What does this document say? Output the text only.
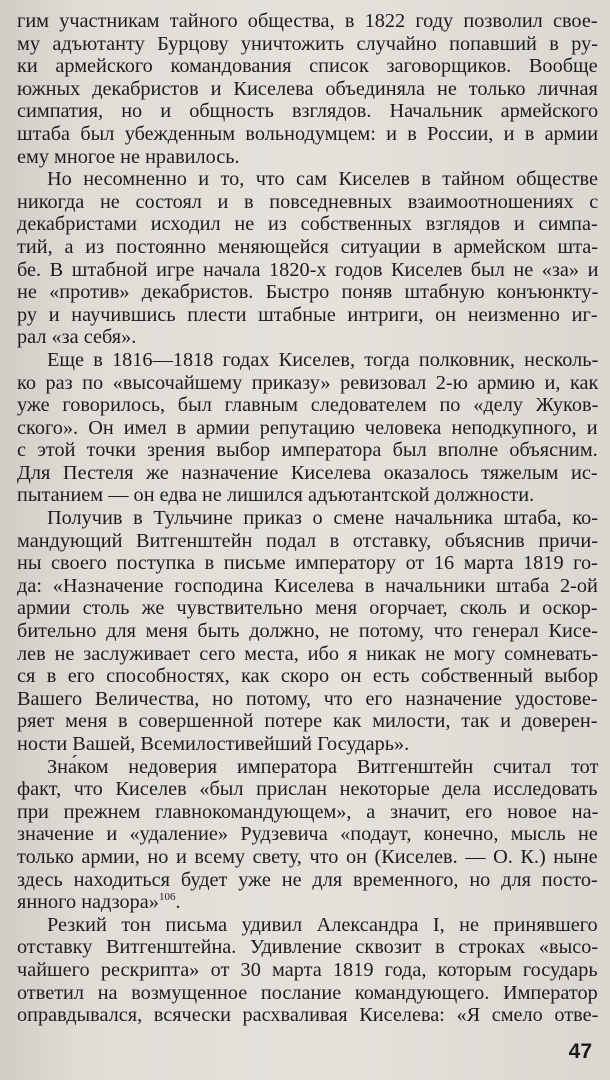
гим участникам тайного общества, в 1822 году позволил свое-
му адъютанту Бурцову уничтожить случайно попавший в ру-
ки армейского командования список заговорщиков. Вообще
южных декабристов и Киселева объединяла не только личная
симпатия, но и общность взглядов. Начальник армейского
штаба был убежденным вольнодумцем: и в России, и в армии
ему многое не нравилось.

Но несомненно и то, что сам Киселев в тайном обществе
никогда не состоял и в повседневных взаимоотношениях с
декабристами исходил не из собственных взглядов и симпа-
тий, а из постоянно меняющейся ситуации в армейском шта-
бе. В штабной игре начала 1820-х годов Киселев был не «за» и
не «против» декабристов. Быстро поняв штабную конъюнкту-
ру и научившись плести штабные интриги, он неизменно иг-
рал «за себя».

Еще в 1816—1818 годах Киселев, тогда полковник, несколь-
ко раз по «высочайшему приказу» ревизовал 2-ю армию и, как
уже говорилось, был главным следователем по «делу Жуков-
ского». Он имел в армии репутацию человека неподкупного, и
с этой точки зрения выбор императора был вполне объясним.
Для Пестеля же назначение Киселева оказалось тяжелым ис-
пытанием — он едва не лишился адъютантской должности.

Получив в Тульчине приказ о смене начальника штаба, ко-
мандующий Витгенштейн подал в отставку, объяснив причи-
ны своего поступка в письме императору от 16 марта 1819 го-
да: «Назначение господина Киселева в начальники штаба 2-ой
армии столь же чувствительно меня огорчает, сколь и оскор-
бительно для меня быть должно, не потому, что генерал Кисе-
лев не заслуживает сего места, ибо я никак не могу сомневать-
ся в его способностях, как скоро он есть собственный выбор
Вашего Величества, но потому, что его назначение удостове-
ряет меня в совершенной потере как милости, так и доверен-
ности Вашей, Всемилостивейший Государь».

Зна́ком недоверия императора Витгенштейн считал тот
факт, что Киселев «был прислан некоторые дела исследовать
при прежнем главнокомандующем», а значит, его новое на-
значение и «удаление» Рудзевича «подаут, конечно, мысль не
только армии, но и всему свету, что он (Киселев. — О. К.) ныне
здесь находиться будет уже не для временного, но для посто-
янного надзора»$^{106}$.

Резкий тон письма удивил Александра I, не принявшего
отставку Витгенштейна. Удивление сквозит в строках «высо-
чайшего рескрипта» от 30 марта 1819 года, которым государь
ответил на возмущенное послание командующего. Император
оправдывался, всячески расхваливая Киселева: «Я смело отве-

47
